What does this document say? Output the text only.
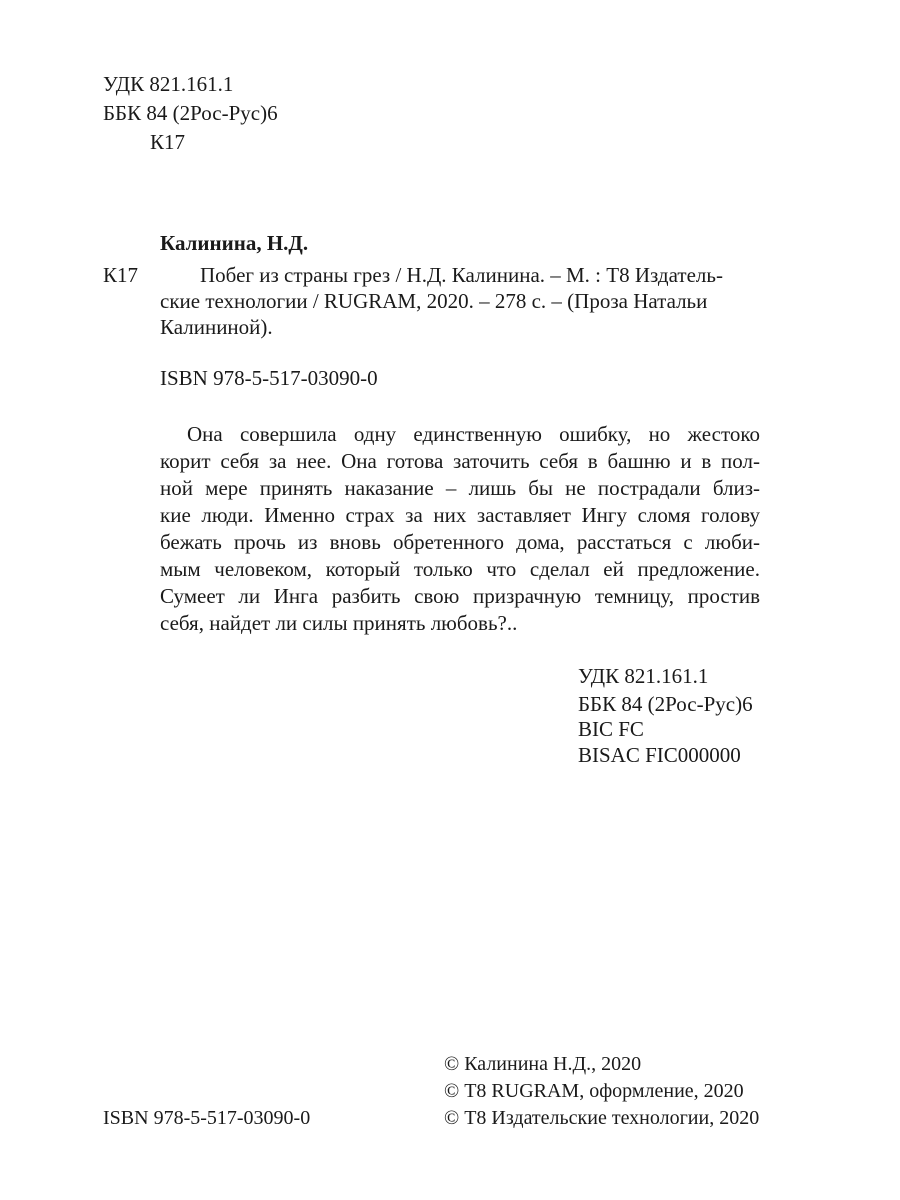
УДК 821.161.1
ББК 84 (2Рос-Рус)6
К17
Калинина, Н.Д.
К17	Побег из страны грез / Н.Д. Калинина. – М. : Т8 Издатель-
ские технологии / RUGRAM, 2020. – 278 с. – (Проза Натальи
Калининой).
ISBN 978-5-517-03090-0
Она совершила одну единственную ошибку, но жестоко
корит себя за нее. Она готова заточить себя в башню и в пол-
ной мере принять наказание – лишь бы не пострадали близ-
кие люди. Именно страх за них заставляет Ингу сломя голову
бежать прочь из вновь обретенного дома, расстаться с люби-
мым человеком, который только что сделал ей предложение.
Сумеет ли Инга разбить свою призрачную темницу, простив
себя, найдет ли силы принять любовь?..
УДК 821.161.1
ББК 84 (2Рос-Рус)6
BIC FC
BISAC FIC000000
ISBN 978-5-517-03090-0
© Калинина Н.Д., 2020
© Т8 RUGRAM, оформление, 2020
© Т8 Издательские технологии, 2020
